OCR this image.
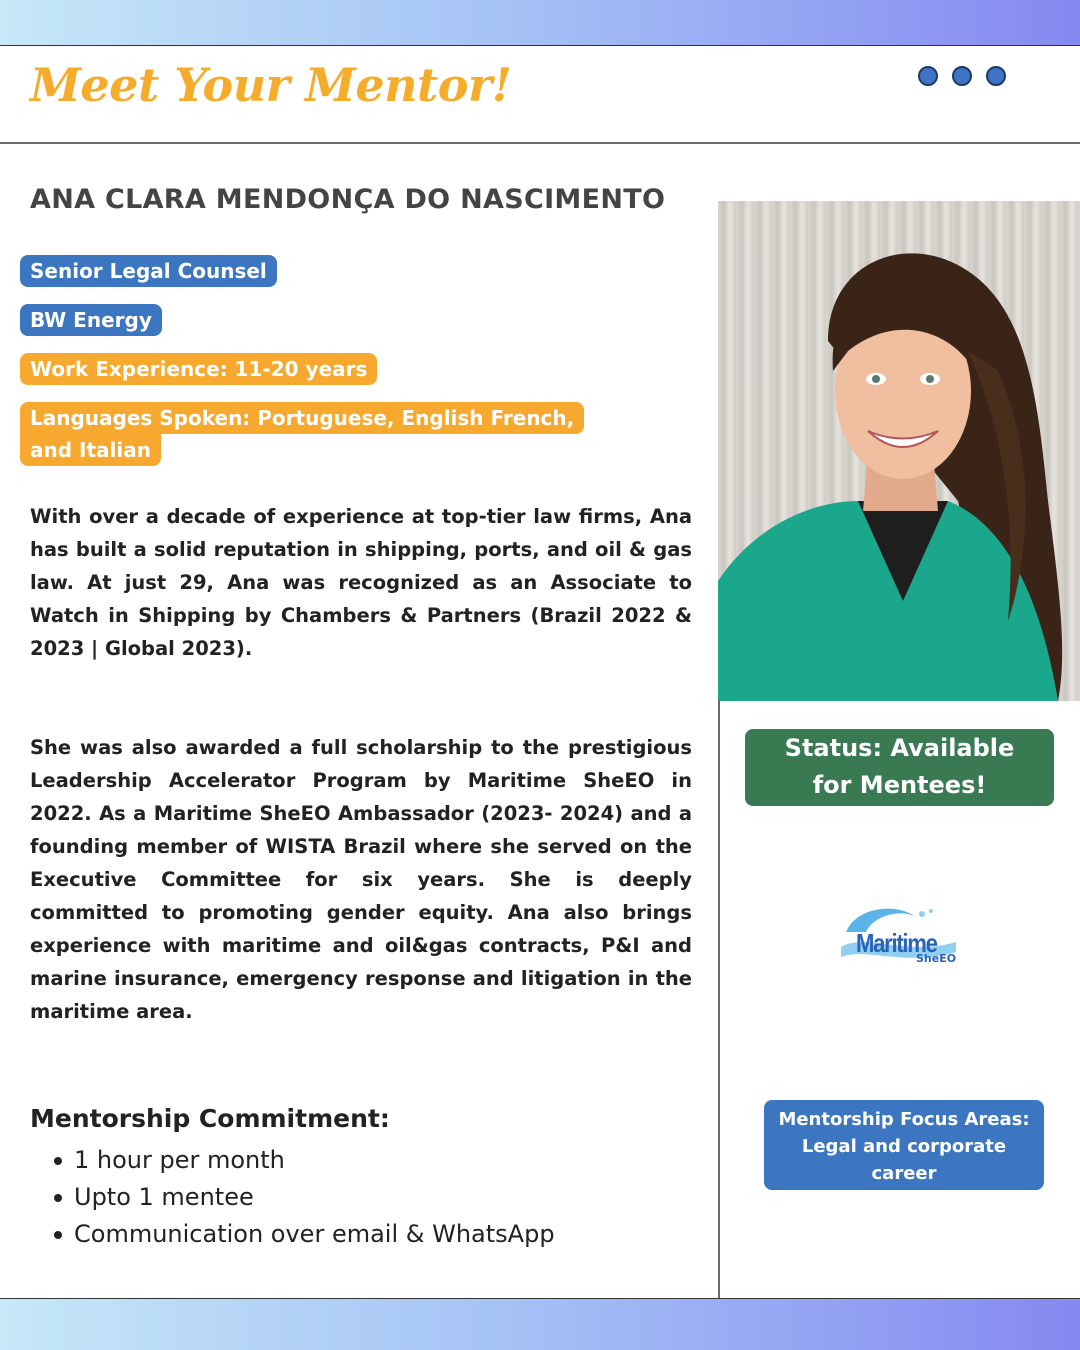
Meet Your Mentor!
ANA CLARA MENDONÇA DO NASCIMENTO
Senior Legal Counsel
BW Energy
Work Experience: 11-20 years
Languages Spoken: Portuguese, English French,
and Italian

With over a decade of experience at top-tier law firms, Ana has built a solid reputation in shipping, ports, and oil & gas law. At just 29, Ana was recognized as an Associate to Watch in Shipping by Chambers & Partners (Brazil 2022 & 2023 | Global 2023).

She was also awarded a full scholarship to the prestigious Leadership Accelerator Program by Maritime SheEO in 2022. As a Maritime SheEO Ambassador (2023- 2024) and a founding member of WISTA Brazil where she served on the Executive Committee for six years. She is deeply committed to promoting gender equity. Ana also brings experience with maritime and oil&gas contracts, P&I and marine insurance, emergency response and litigation in the maritime area.

Mentorship Commitment:
1 hour per month
Upto 1 mentee
Communication over email & WhatsApp
Status: Available
for Mentees!
Maritime
SheEO
Mentorship Focus Areas:
Legal and corporate
career
